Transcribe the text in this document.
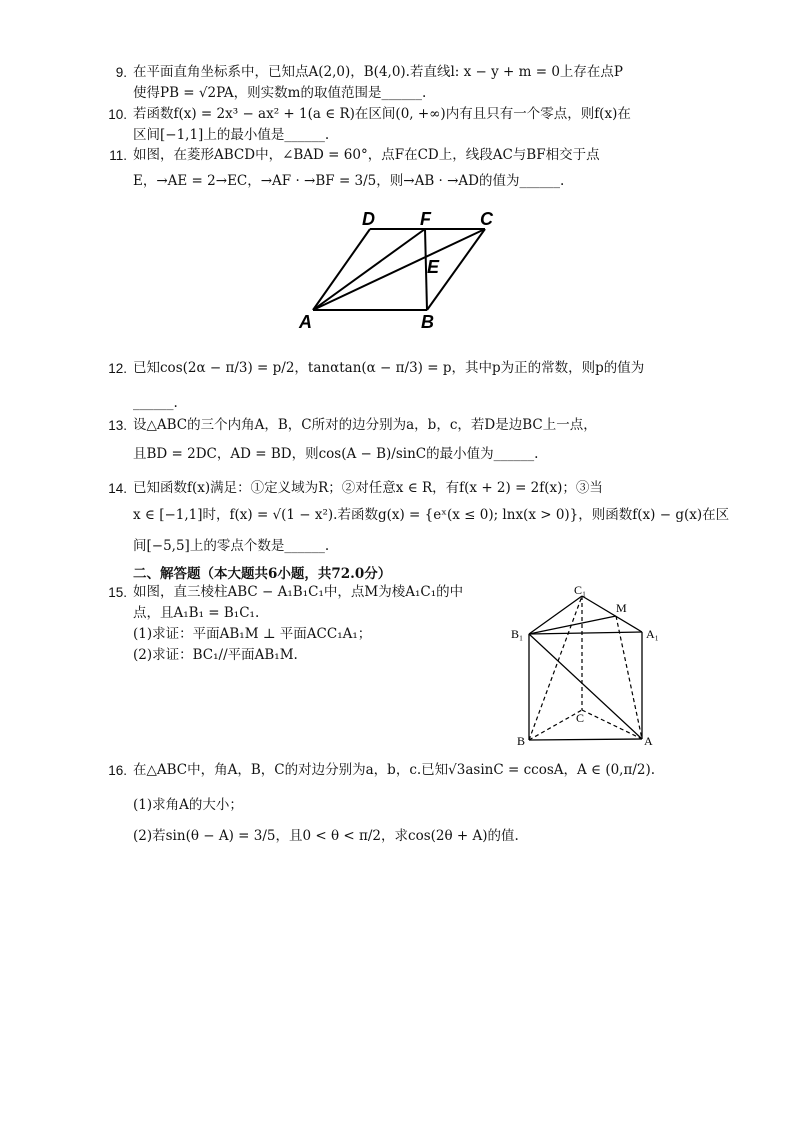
9. 在平面直角坐标系中，已知点A(2,0)，B(4,0).若直线l: x − y + m = 0上存在点P
使得PB = √2PA，则实数m的取值范围是______.
10. 若函数f(x) = 2x³ − ax² + 1(a ∈ R)在区间(0, +∞)内有且只有一个零点，则f(x)在
区间[−1,1]上的最小值是______.
11. 如图，在菱形ABCD中，∠BAD = 60°，点F在CD上，线段AC与BF相交于点
E，→AE = 2→EC，→AF · →BF = 3/5，则→AB · →AD的值为______.
D	F	C
E
A	B
12. 已知cos(2α − π/3) = p/2，tanαtan(α − π/3) = p，其中p为正的常数，则p的值为
______.
13. 设△ABC的三个内角A，B，C所对的边分别为a，b，c，若D是边BC上一点，
且BD = 2DC，AD = BD，则cos(A − B)/sinC的最小值为______.
14. 已知函数f(x)满足：①定义域为R；②对任意x ∈ R，有f(x + 2) = 2f(x)；③当
x ∈ [−1,1]时，f(x) = √(1 − x²).若函数g(x) = {eˣ(x ≤ 0); lnx(x > 0)}，则函数f(x) − g(x)在区
间[−5,5]上的零点个数是______.
二、解答题（本大题共6小题，共72.0分）
15. 如图，直三棱柱ABC − A₁B₁C₁中，点M为棱A₁C₁的中
点，且A₁B₁ = B₁C₁.
(1)求证：平面AB₁M ⊥ 平面ACC₁A₁；
(2)求证：BC₁//平面AB₁M.
C₁
M
B₁	A₁
C
B	A
16. 在△ABC中，角A，B，C的对边分别为a，b，c.已知√3asinC = ccosA，A ∈ (0,π/2).
(1)求角A的大小；
(2)若sin(θ − A) = 3/5，且0 < θ < π/2，求cos(2θ + A)的值.
